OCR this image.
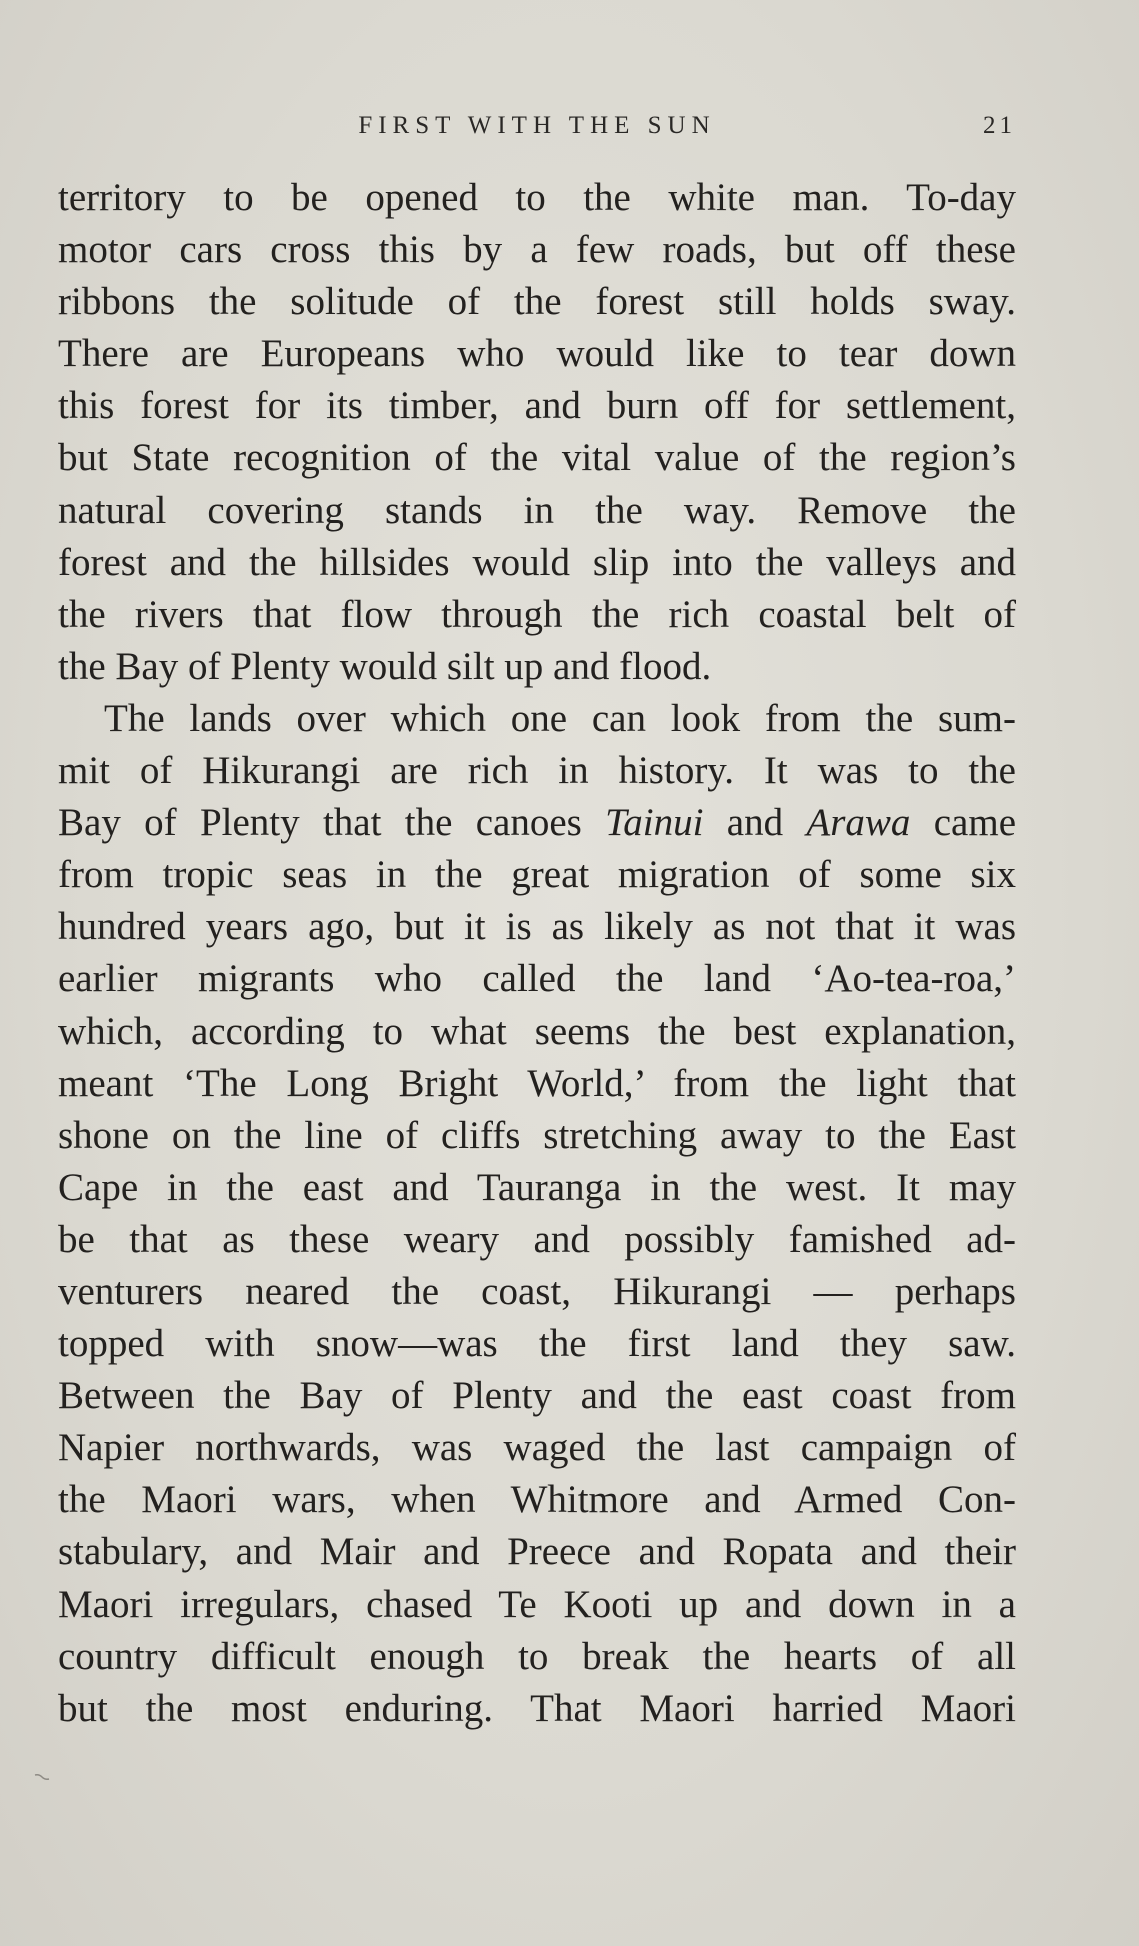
FIRST WITH THE SUN	21
territory to be opened to the white man. To-day
motor cars cross this by a few roads, but off these
ribbons the solitude of the forest still holds sway.
There are Europeans who would like to tear down
this forest for its timber, and burn off for settlement,
but State recognition of the vital value of the region’s
natural covering stands in the way. Remove the
forest and the hillsides would slip into the valleys and
the rivers that flow through the rich coastal belt of
the Bay of Plenty would silt up and flood.
The lands over which one can look from the sum-
mit of Hikurangi are rich in history. It was to the
Bay of Plenty that the canoes Tainui and Arawa came
from tropic seas in the great migration of some six
hundred years ago, but it is as likely as not that it was
earlier migrants who called the land ‘Ao-tea-roa,’
which, according to what seems the best explanation,
meant ‘The Long Bright World,’ from the light that
shone on the line of cliffs stretching away to the East
Cape in the east and Tauranga in the west. It may
be that as these weary and possibly famished ad-
venturers neared the coast, Hikurangi — perhaps
topped with snow—was the first land they saw.
Between the Bay of Plenty and the east coast from
Napier northwards, was waged the last campaign of
the Maori wars, when Whitmore and Armed Con-
stabulary, and Mair and Preece and Ropata and their
Maori irregulars, chased Te Kooti up and down in a
country difficult enough to break the hearts of all
but the most enduring. That Maori harried Maori
